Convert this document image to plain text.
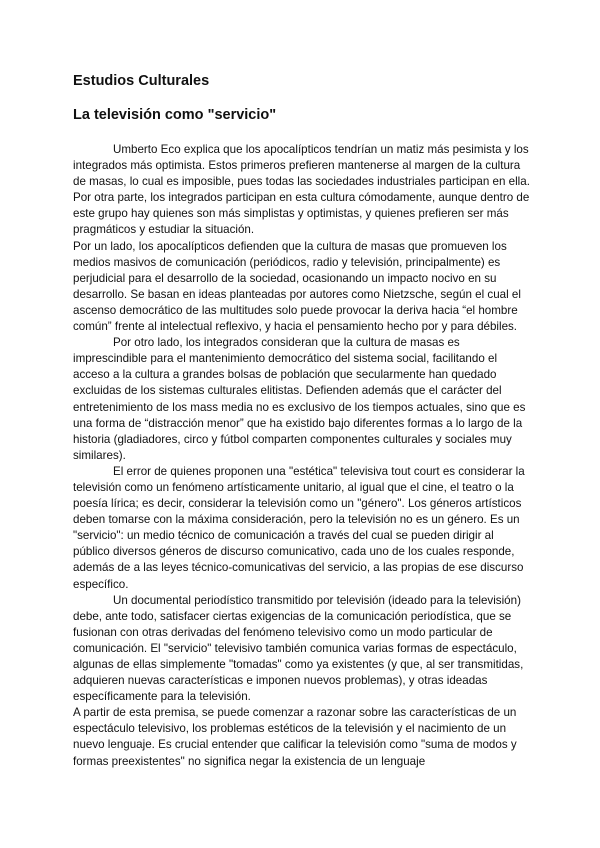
Estudios Culturales
La televisión como "servicio"

Umberto Eco explica que los apocalípticos tendrían un matiz más pesimista y los integrados más optimista. Estos primeros prefieren mantenerse al margen de la cultura de masas, lo cual es imposible, pues todas las sociedades industriales participan en ella. Por otra parte, los integrados participan en esta cultura cómodamente, aunque dentro de este grupo hay quienes son más simplistas y optimistas, y quienes prefieren ser más pragmáticos y estudiar la situación.

Por un lado, los apocalípticos defienden que la cultura de masas que promueven los medios masivos de comunicación (periódicos, radio y televisión, principalmente) es perjudicial para el desarrollo de la sociedad, ocasionando un impacto nocivo en su desarrollo. Se basan en ideas planteadas por autores como Nietzsche, según el cual el ascenso democrático de las multitudes solo puede provocar la deriva hacia “el hombre común” frente al intelectual reflexivo, y hacia el pensamiento hecho por y para débiles.

Por otro lado, los integrados consideran que la cultura de masas es imprescindible para el mantenimiento democrático del sistema social, facilitando el acceso a la cultura a grandes bolsas de población que secularmente han quedado excluidas de los sistemas culturales elitistas. Defienden además que el carácter del entretenimiento de los mass media no es exclusivo de los tiempos actuales, sino que es una forma de “distracción menor” que ha existido bajo diferentes formas a lo largo de la historia (gladiadores, circo y fútbol comparten componentes culturales y sociales muy similares).

El error de quienes proponen una "estética" televisiva tout court es considerar la televisión como un fenómeno artísticamente unitario, al igual que el cine, el teatro o la poesía lírica; es decir, considerar la televisión como un "género". Los géneros artísticos deben tomarse con la máxima consideración, pero la televisión no es un género. Es un "servicio": un medio técnico de comunicación a través del cual se pueden dirigir al público diversos géneros de discurso comunicativo, cada uno de los cuales responde, además de a las leyes técnico-comunicativas del servicio, a las propias de ese discurso específico.

Un documental periodístico transmitido por televisión (ideado para la televisión) debe, ante todo, satisfacer ciertas exigencias de la comunicación periodística, que se fusionan con otras derivadas del fenómeno televisivo como un modo particular de comunicación. El "servicio" televisivo también comunica varias formas de espectáculo, algunas de ellas simplemente "tomadas" como ya existentes (y que, al ser transmitidas, adquieren nuevas características e imponen nuevos problemas), y otras ideadas específicamente para la televisión.

A partir de esta premisa, se puede comenzar a razonar sobre las características de un espectáculo televisivo, los problemas estéticos de la televisión y el nacimiento de un nuevo lenguaje. Es crucial entender que calificar la televisión como "suma de modos y formas preexistentes" no significa negar la existencia de un lenguaje
